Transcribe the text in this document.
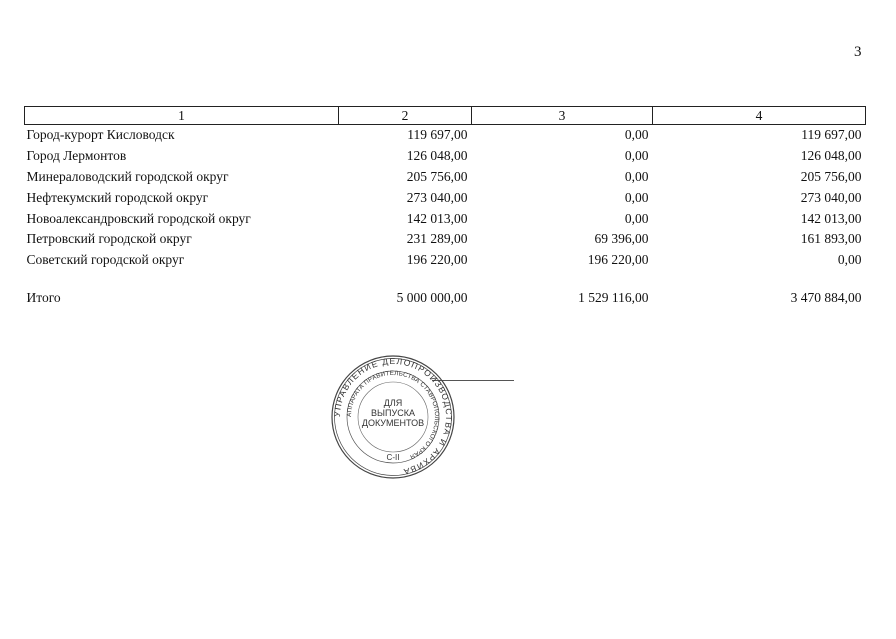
3
1	2	3	4
Город-курорт Кисловодск	119 697,00	0,00	119 697,00
Город Лермонтов	126 048,00	0,00	126 048,00
Минераловодский городской округ	205 756,00	0,00	205 756,00
Нефтекумский городской округ	273 040,00	0,00	273 040,00
Новоалександровский городской округ	142 013,00	0,00	142 013,00
Петровский городской округ	231 289,00	69 396,00	161 893,00
Советский городской округ	196 220,00	196 220,00	0,00

Итого	5 000 000,00	1 529 116,00	3 470 884,00
УПРАВЛЕНИЕ ДЕЛОПРОИЗВОДСТВА И АРХИВА
АППАРАТА ПРАВИТЕЛЬСТВА СТАВРОПОЛЬСКОГО КРАЯ
С-II
ДЛЯ
ВЫПУСКА
ДОКУМЕНТОВ
